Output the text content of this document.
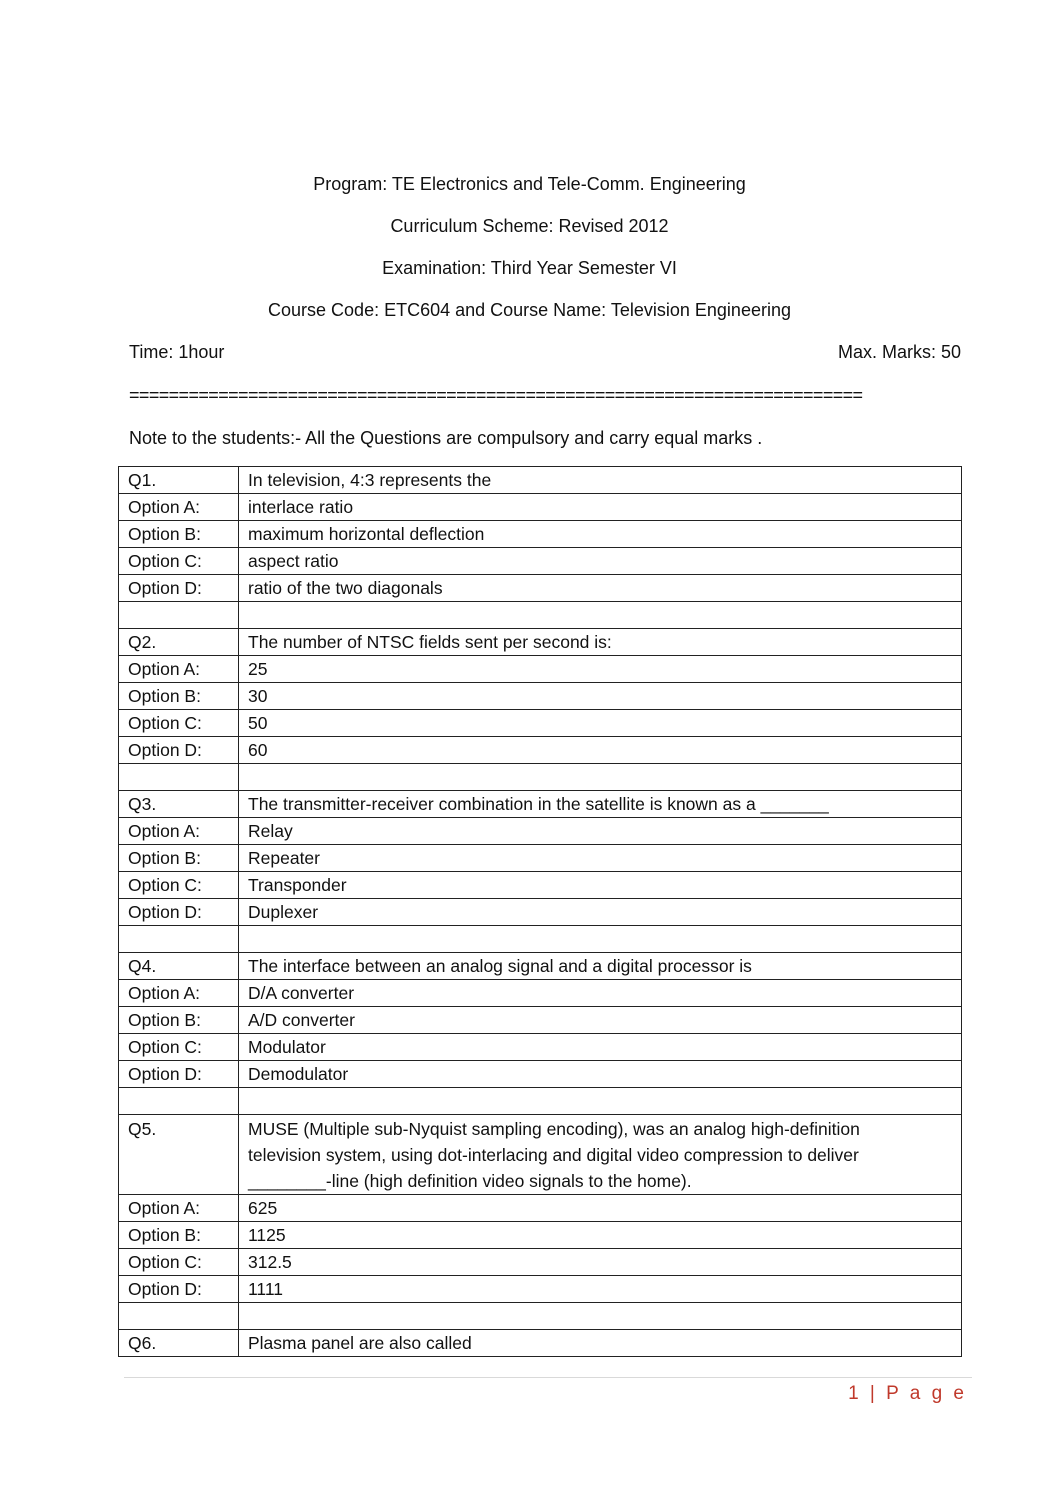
Program: TE Electronics and Tele-Comm. Engineering
Curriculum Scheme: Revised 2012
Examination: Third Year Semester VI
Course Code: ETC604 and Course Name: Television Engineering
Time: 1hour	Max. Marks: 50
==========================================================================
Note to the students:- All the Questions are compulsory and carry equal marks .
Q1.	In television, 4:3 represents the
Option A:	interlace ratio
Option B:	maximum horizontal deflection
Option C:	aspect ratio
Option D:	ratio of the two diagonals

Q2.	The number of NTSC fields sent per second is:
Option A:	25
Option B:	30
Option C:	50
Option D:	60

Q3.	The transmitter-receiver combination in the satellite is known as a _______
Option A:	Relay
Option B:	Repeater
Option C:	Transponder
Option D:	Duplexer

Q4.	The interface between an analog signal and a digital processor is
Option A:	D/A converter
Option B:	A/D converter
Option C:	Modulator
Option D:	Demodulator

Q5.	MUSE (Multiple sub-Nyquist sampling encoding), was an analog high-definition
television system, using dot-interlacing and digital video compression to deliver
________-line (high definition video signals to the home).

Option A:	625
Option B:	1125
Option C:	312.5
Option D:	1111

Q6.	Plasma panel are also called
1 | P a g e
